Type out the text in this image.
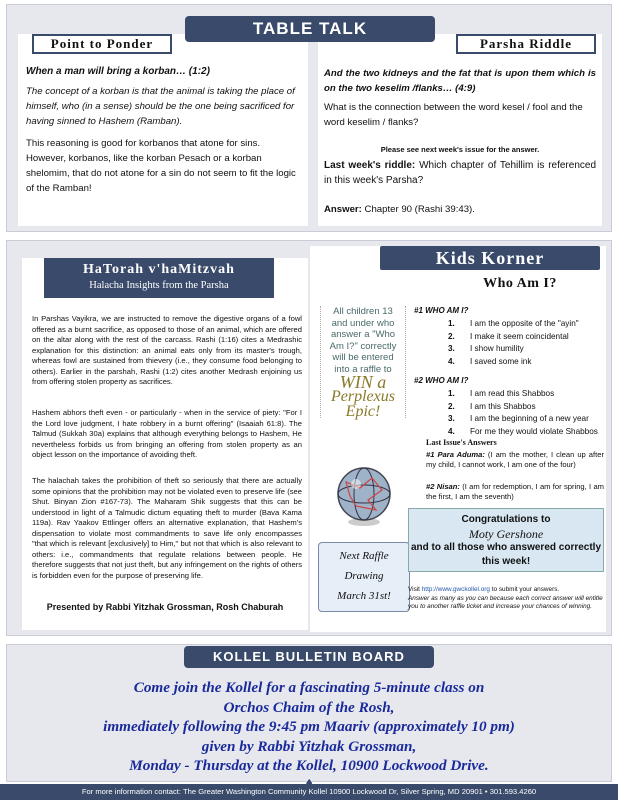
Point to Ponder

When a man will bring a korban… (1:2)

The concept of a korban is that the animal is taking the place of himself, who (in a sense) should be the one being sacrificed for having sinned to Hashem (Ramban).

This reasoning is good for korbanos that atone for sins. However, korbanos, like the korban Pesach or a korban shelomim, that do not atone for a sin do not seem to fit the logic of the Ramban!

Parsha Riddle

And the two kidneys and the fat that is upon them which is on the two keselim /flanks… (4:9)

What is the connection between the word kesel / fool and the word keselim / flanks?

Please see next week's issue for the answer.

Last week's riddle: Which chapter of Tehillim is referenced in this week's Parsha?

Answer: Chapter 90 (Rashi 39:43).

TABLE TALK
HaTorah v'haMitzvah
Halacha Insights from the Parsha

In Parshas Vayikra, we are instructed to remove the digestive organs of a fowl offered as a burnt sacrifice, as opposed to those of an animal, which are offered on the altar along with the rest of the carcass. Rashi (1:16) cites a Medrashic explanation for this distinction: an animal eats only from its master's trough, whereas fowl are sustained from thievery (i.e., they consume food belonging to others). Earlier in the parshah, Rashi (1:2) cites another Medrash enjoining us from offering stolen property as sacrifices.

Hashem abhors theft even - or particularly - when in the service of piety: "For I the Lord love judgment, I hate robbery in a burnt offering" (Isaaiah 61:8). The Talmud (Sukkah 30a) explains that although everything belongs to Hashem, He nevertheless forbids us from bringing an offering from stolen property as an object lesson on the importance of avoiding theft.

The halachah takes the prohibition of theft so seriously that there are actually some opinions that the prohibition may not be violated even to preserve life (see Shut. Binyan Zion #167-73). The Maharam Shik suggests that this can be understood in light of a Talmudic dictum equating theft to murder (Bava Kama 119a). Rav Yaakov Ettlinger offers an alternative explanation, that Hashem's dispensation to violate most commandments to save life only encompasses "that which is relevant [exclusively] to Him," but not that which is also relevant to others: i.e., commandments that regulate relations between people. He therefore suggests that not just theft, but any infringement on the rights of others is forbidden even for the purpose of preserving life.

Presented by Rabbi Yitzhak Grossman, Rosh Chaburah

Kids Korner
Who Am I?
All children 13 and under who answer a "Who Am I?" correctly will be entered into a raffle to
WIN a
Perplexus
Epic!
Next Raffle
Drawing
March 31st!
#1 WHO AM I?
1.	I am the opposite of the "ayin"
2.	I make it seem coincidental
3.	I show humility
4.	I saved some ink
#2 WHO AM I?
1.	I am read this Shabbos
2.	I am this Shabbos
3.	I am the beginning of a new year
4.	For me they would violate Shabbos
Last Issue's Answers

#1 Para Aduma: (I am the mother, I clean up after my child, I cannot work, I am one of the four)

#2 Nisan: (I am for redemption, I am for spring, I am the first, I am the seventh)

Congratulations to
Moty Gershone
and to all those who answered correctly this week!

Visit http://www.gwckollel.org to submit your answers.
Answer as many as you can because each correct answer will entitle you to another raffle ticket and increase your chances of winning.

KOLLEL BULLETIN BOARD
Come join the Kollel for a fascinating 5-minute class on
Orchos Chaim of the Rosh,
immediately following the 9:45 pm Maariv (approximately 10 pm)
given by Rabbi Yitzhak Grossman,
Monday - Thursday at the Kollel, 10900 Lockwood Drive.
For more information contact: The Greater Washington Community Kollel 10900 Lockwood Dr, Silver Spring, MD 20901 • 301.593.4260
